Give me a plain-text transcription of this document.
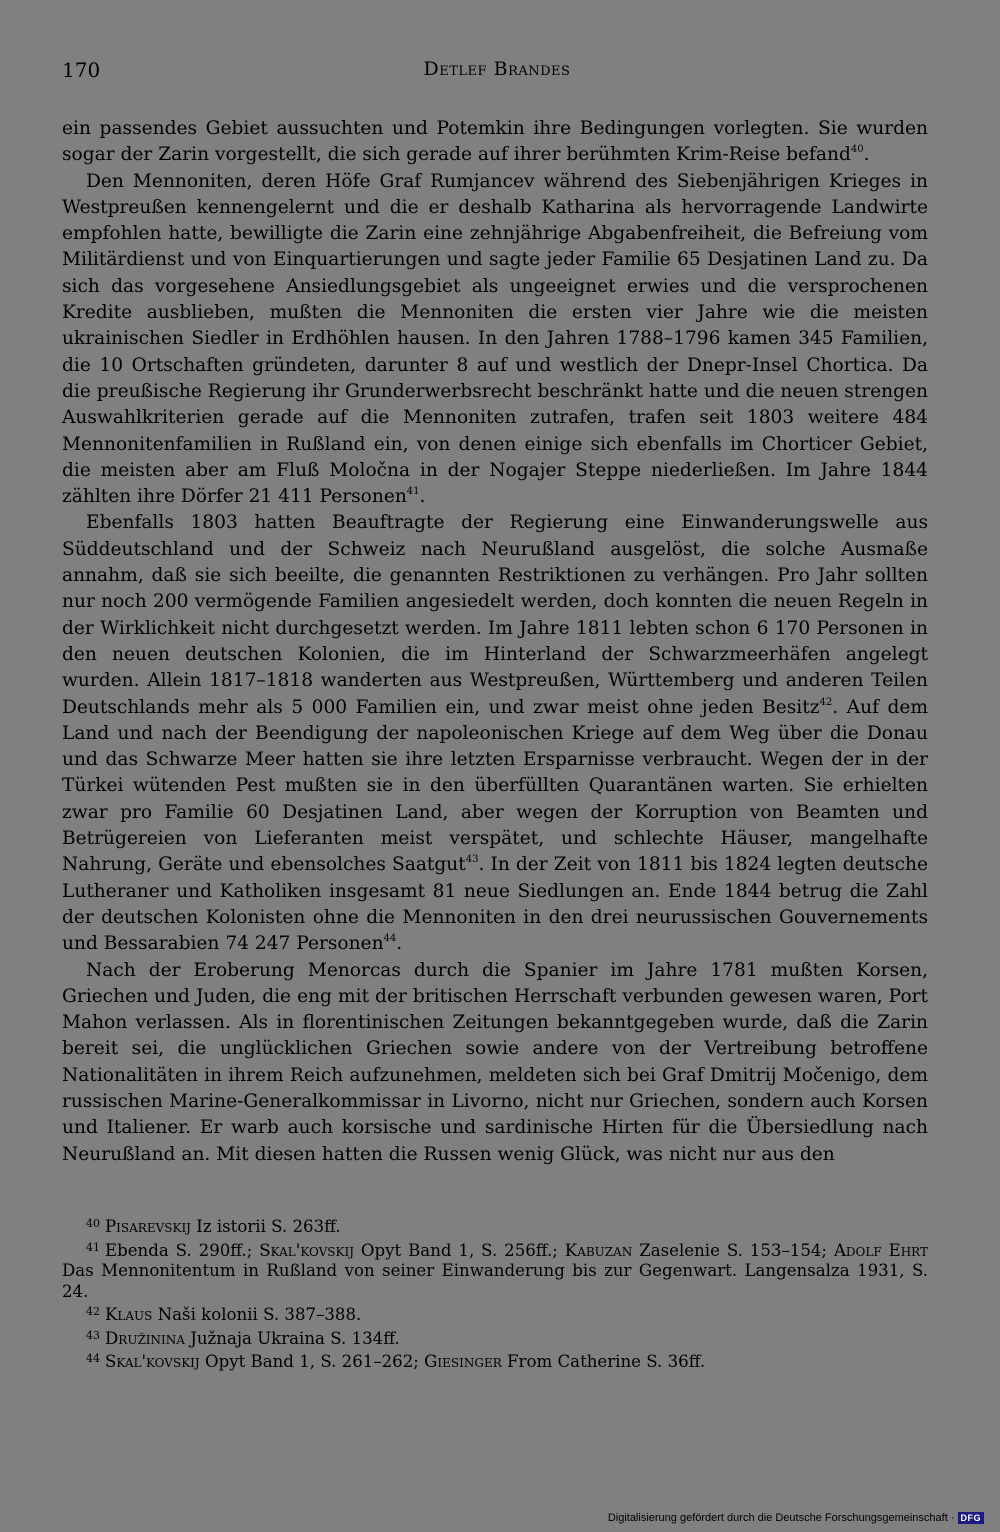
170	Detlef Brandes

ein passendes Gebiet aussuchten und Potemkin ihre Bedingungen vorlegten. Sie wurden sogar der Zarin vorgestellt, die sich gerade auf ihrer berühmten Krim-Reise befand$^{40}$.

Den Mennoniten, deren Höfe Graf Rumjancev während des Siebenjährigen Krieges in Westpreußen kennengelernt und die er deshalb Katharina als hervorragende Landwirte empfohlen hatte, bewilligte die Zarin eine zehnjährige Abgabenfreiheit, die Befreiung vom Militärdienst und von Einquartierungen und sagte jeder Familie 65 Desjatinen Land zu. Da sich das vorgesehene Ansiedlungsgebiet als ungeeignet erwies und die versprochenen Kredite ausblieben, mußten die Mennoniten die ersten vier Jahre wie die meisten ukrainischen Siedler in Erdhöhlen hausen. In den Jahren 1788–1796 kamen 345 Familien, die 10 Ortschaften gründeten, darunter 8 auf und westlich der Dnepr-Insel Chortica. Da die preußische Regierung ihr Grunderwerbsrecht beschränkt hatte und die neuen strengen Auswahlkriterien gerade auf die Mennoniten zutrafen, trafen seit 1803 weitere 484 Mennonitenfamilien in Rußland ein, von denen einige sich ebenfalls im Chorticer Gebiet, die meisten aber am Fluß Moločna in der Nogajer Steppe niederließen. Im Jahre 1844 zählten ihre Dörfer 21 411 Personen$^{41}$.

Ebenfalls 1803 hatten Beauftragte der Regierung eine Einwanderungswelle aus Süddeutschland und der Schweiz nach Neurußland ausgelöst, die solche Ausmaße annahm, daß sie sich beeilte, die genannten Restriktionen zu verhängen. Pro Jahr sollten nur noch 200 vermögende Familien angesiedelt werden, doch konnten die neuen Regeln in der Wirklichkeit nicht durchgesetzt werden. Im Jahre 1811 lebten schon 6 170 Personen in den neuen deutschen Kolonien, die im Hinterland der Schwarzmeerhäfen angelegt wurden. Allein 1817–1818 wanderten aus Westpreußen, Württemberg und anderen Teilen Deutschlands mehr als 5 000 Familien ein, und zwar meist ohne jeden Besitz$^{42}$. Auf dem Land und nach der Beendigung der napoleonischen Kriege auf dem Weg über die Donau und das Schwarze Meer hatten sie ihre letzten Ersparnisse verbraucht. Wegen der in der Türkei wütenden Pest mußten sie in den überfüllten Quarantänen warten. Sie erhielten zwar pro Familie 60 Desjatinen Land, aber wegen der Korruption von Beamten und Betrügereien von Lieferanten meist verspätet, und schlechte Häuser, mangelhafte Nahrung, Geräte und ebensolches Saatgut$^{43}$. In der Zeit von 1811 bis 1824 legten deutsche Lutheraner und Katholiken insgesamt 81 neue Siedlungen an. Ende 1844 betrug die Zahl der deutschen Kolonisten ohne die Mennoniten in den drei neurussischen Gouvernements und Bessarabien 74 247 Personen$^{44}$.

Nach der Eroberung Menorcas durch die Spanier im Jahre 1781 mußten Korsen, Griechen und Juden, die eng mit der britischen Herrschaft verbunden gewesen waren, Port Mahon verlassen. Als in florentinischen Zeitungen bekanntgegeben wurde, daß die Zarin bereit sei, die unglücklichen Griechen sowie andere von der Vertreibung betroffene Nationalitäten in ihrem Reich aufzunehmen, meldeten sich bei Graf Dmitrij Močenigo, dem russischen Marine-Generalkommissar in Livorno, nicht nur Griechen, sondern auch Korsen und Italiener. Er warb auch korsische und sardinische Hirten für die Übersiedlung nach Neurußland an. Mit diesen hatten die Russen wenig Glück, was nicht nur aus den

$^{40}$ Pisarevskij Iz istorii S. 263ff.

$^{41}$ Ebenda S. 290ff.; Skal'kovskij Opyt Band 1, S. 256ff.; Kabuzan Zaselenie S. 153–154; Adolf Ehrt Das Mennonitentum in Rußland von seiner Einwanderung bis zur Gegenwart. Langensalza 1931, S. 24.

$^{42}$ Klaus Naši kolonii S. 387–388.

$^{43}$ Družinina Južnaja Ukraina S. 134ff.

$^{44}$ Skal'kovskij Opyt Band 1, S. 261–262; Giesinger From Catherine S. 36ff.

Digitalisierung gefördert durch die Deutsche Forschungsgemeinschaft · DFG
